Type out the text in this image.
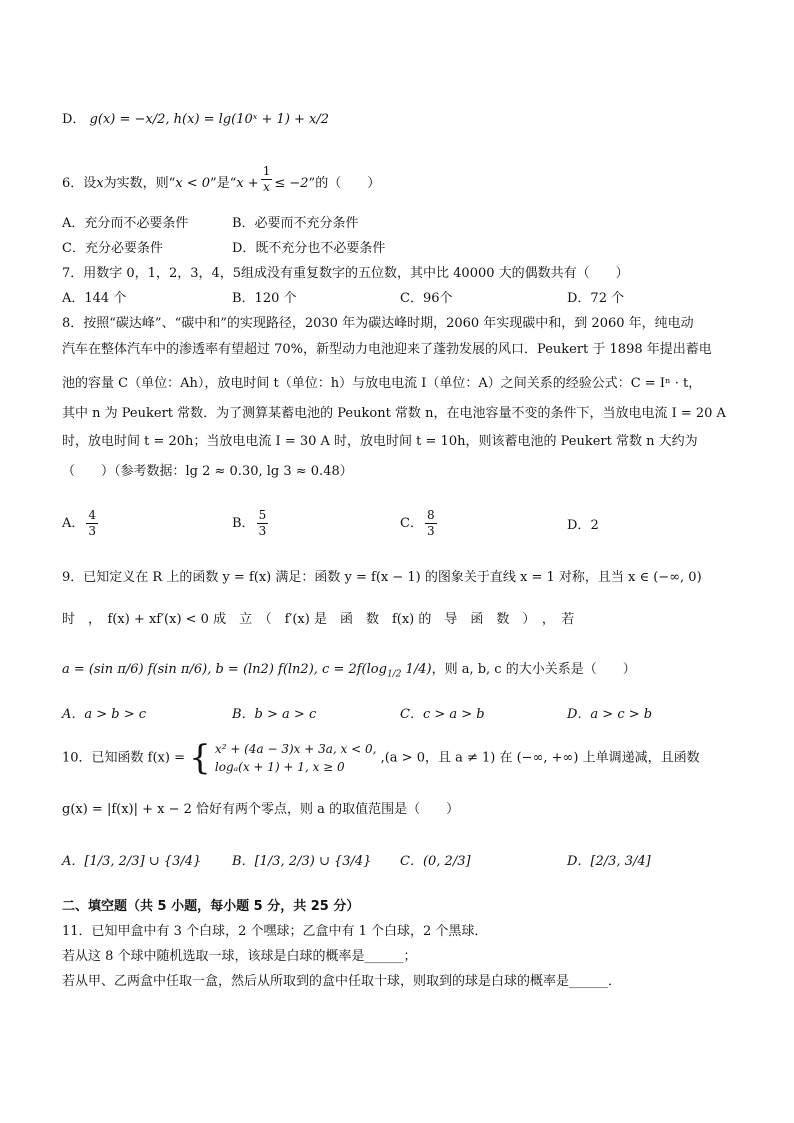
D． g(x) = −x/2, h(x) = lg(10ˣ + 1) + x/2
6．设x为实数，则“x < 0”是“$x + \frac{1}{x} \le -2$”的（　　）
A．充分而不必要条件	B．必要而不充分条件
C．充分必要条件	D．既不充分也不必要条件
7．用数字 0，1，2，3，4，5组成没有重复数字的五位数，其中比 40000 大的偶数共有（　　）
A．144 个	B．120 个	C．96个	D．72 个
8．按照“碳达峰”、“碳中和”的实现路径，2030 年为碳达峰时期，2060 年实现碳中和，到 2060 年，纯电动
汽车在整体汽车中的渗透率有望超过 70%，新型动力电池迎来了蓬勃发展的风口．Peukert 于 1898 年提出蓄电
池的容量 C（单位：Ah），放电时间 t（单位：h）与放电电流 I（单位：A）之间关系的经验公式：C = Iⁿ · t，
其中 n 为 Peukert 常数．为了测算某蓄电池的 Peukont 常数 n，在电池容量不变的条件下，当放电电流 I = 20 A
时，放电时间 t = 20h；当放电电流 I = 30 A 时，放电时间 t = 10h，则该蓄电池的 Peukert 常数 n 大约为
（　　）（参考数据：lg 2 ≈ 0.30, lg 3 ≈ 0.48）
A． $\frac{4}{3}$	B． $\frac{5}{3}$	C． $\frac{8}{3}$	D．2
9．已知定义在 R 上的函数 y = f(x) 满足：函数 y = f(x − 1) 的图象关于直线 x = 1 对称，且当 x ∈ (−∞, 0)
时　，　f(x) + xf′(x) < 0 成　立　（　f′(x) 是　函　数　f(x) 的　导　函　数　）　，　若
a = (sin π/6) f(sin π/6), b = (ln2) f(ln2), $c = 2f(\log_{1/2}$ 1/4)，则 a, b, c 的大小关系是（　　）
A．a > b > c	B．b > a > c	C．c > a > b	D．a > c > b
10．已知函数 f(x) = { x² + (4a − 3)x + 3a, x < 0,
logₐ(x + 1) + 1, x ≥ 0
,(a > 0，且 a ≠ 1) 在 (−∞, +∞) 上单调递减，且函数
g(x) = |f(x)| + x − 2 恰好有两个零点，则 a 的取值范围是（　　）
A．[1/3, 2/3] ∪ {3/4} B．[1/3, 2/3) ∪ {3/4} C．(0, 2/3]	D．[2/3, 3/4]
二、填空题（共 5 小题，每小题 5 分，共 25 分）
11．已知甲盒中有 3 个白球，2 个嘿球；乙盒中有 1 个白球，2 个黑球．
若从这 8 个球中随机选取一球，该球是白球的概率是______；
若从甲、乙两盒中任取一盒，然后从所取到的盒中任取十球，则取到的球是白球的概率是______．
